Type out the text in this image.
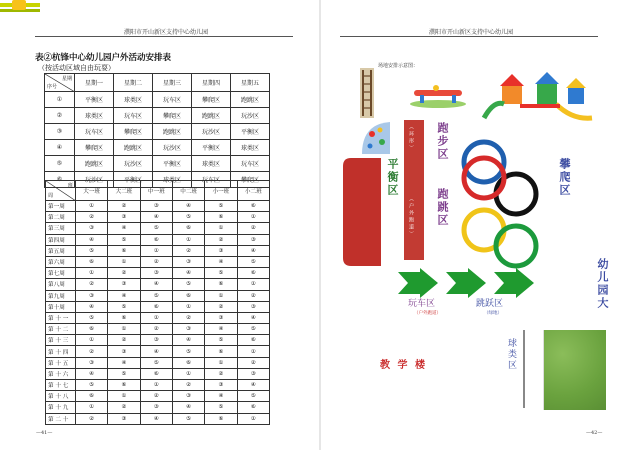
濮阳市开山新区支持中心幼儿园	濮阳市开山新区支持中心幼儿园
—41—	—42—
表②杭锋中心幼儿园户外活动安排表
（按活动区域自由玩耍）
星期
序号	星期一	星期二	星期三	星期四	星期五
①	平衡区	球类区	玩车区	攀爬区	跑跳区
②	球类区	玩车区	攀爬区	跑跳区	玩沙区
③	玩车区	攀爬区	跑跳区	玩沙区	平衡区
④	攀爬区	跑跳区	玩沙区	平衡区	球类区
⑤	跑跳区	玩沙区	平衡区	球类区	玩车区
⑥	玩沙区	平衡区	球类区	玩车区	攀爬区
班
周	大一班	大二班	中一班	中二班	小一班	小二班
第一周	①	②	③	④	⑤	⑥
第二周	②	③	④	⑤	⑥	①
第三周	③	④	⑤	⑥	①	②
第四周	④	⑤	⑥	①	②	③
第五周	⑤	⑥	①	②	③	④
第六周	⑥	①	②	③	④	⑤
第七周	①	②	③	④	⑤	⑥
第八周	②	③	④	⑤	⑥	①
第九周	③	④	⑤	⑥	①	②
第十周	④	⑤	⑥	①	②	③
第 十 一	⑤	⑥	①	②	③	④
第 十 二	⑥	①	②	③	④	⑤
第 十 三	①	②	③	④	⑤	⑥
第 十 四	②	③	④	⑤	⑥	①
第 十 五	③	④	⑤	⑥	①	②
第 十 六	④	⑤	⑥	①	②	③
第 十 七	⑤	⑥	①	②	③	④
第 十 八	⑥	①	②	③	④	⑤
第 十 九	①	②	③	④	⑤	⑥
第 二 十	②	③	④	⑤	⑥	①
场地安排示意图：
平衡区
（环形）
（户外跑道）
跑步区
跑跳区
攀爬区
玩车区
（户外跑道）
跳跃区
（绿地）
幼儿园大
教 学 楼	球类区
